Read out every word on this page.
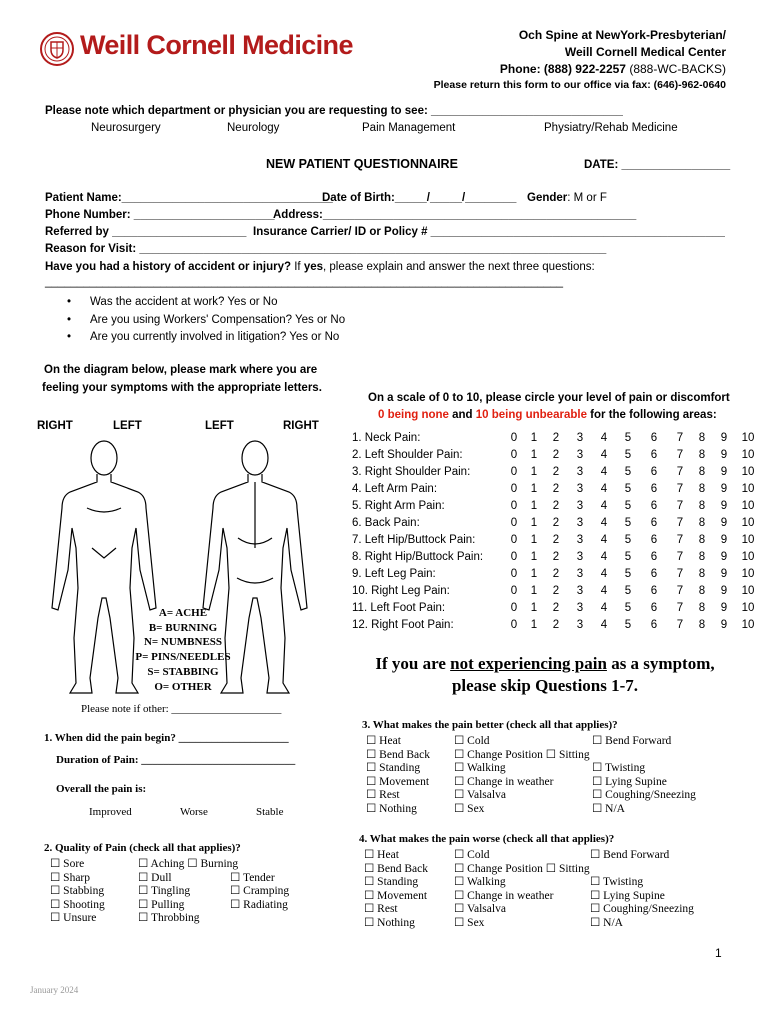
Weill Cornell Medicine	Och Spine at NewYork-Presbyterian/
Weill Cornell Medical Center
Phone: (888) 922-2257 (888-WC-BACKS)
Please return this form to our office via fax: (646)-962-0640
Please note which department or physician you are requesting to see: ______________________________
Neurosurgery	Neurology	Pain Management	Physiatry/Rehab Medicine
NEW PATIENT QUESTIONNAIRE	DATE: _________________
Patient Name:_________________________________
Date of Birth:_____/_____/________ Gender: M or F
Phone Number: ______________________
Address:_________________________________________________
Referred by _____________________ Insurance Carrier/ ID or Policy # ______________________________________________
Reason for Visit: _________________________________________________________________________
Have you had a history of accident or injury? If yes, please explain and answer the next three questions:
_________________________________________________________________________________
• Was the accident at work? Yes or No
• Are you using Workers' Compensation? Yes or No
• Are you currently involved in litigation? Yes or No
On the diagram below, please mark where you are
feeling your symptoms with the appropriate letters.
RIGHT	LEFT	LEFT	RIGHT
A= ACHE
B= BURNING
N= NUMBNESS
P= PINS/NEEDLES
S= STABBING
O= OTHER
Please note if other: ____________________
On a scale of 0 to 10, please circle your level of pain or discomfort
0 being none and 10 being unbearable for the following areas:
1. Neck Pain:	0	1	2	3	4	5	6	7	8	9	10
2. Left Shoulder Pain:	0	1	2	3	4	5	6	7	8	9	10
3. Right Shoulder Pain:	0	1	2	3	4	5	6	7	8	9	10
4. Left Arm Pain:	0	1	2	3	4	5	6	7	8	9	10
5. Right Arm Pain:	0	1	2	3	4	5	6	7	8	9	10
6. Back Pain:	0	1	2	3	4	5	6	7	8	9	10
7. Left Hip/Buttock Pain:	0	1	2	3	4	5	6	7	8	9	10
8. Right Hip/Buttock Pain:	0	1	2	3	4	5	6	7	8	9	10
9. Left Leg Pain:	0	1	2	3	4	5	6	7	8	9	10
10. Right Leg Pain:	0	1	2	3	4	5	6	7	8	9	10
11. Left Foot Pain:	0	1	2	3	4	5	6	7	8	9	10
12. Right Foot Pain:	0	1	2	3	4	5	6	7	8	9	10
If you are not experiencing pain as a symptom,
please skip Questions 1-7.
1. When did the pain begin? ____________________
Duration of Pain: ____________________________
Overall the pain is:
Improved	Worse	Stable
2. Quality of Pain (check all that applies)?
☐ Sore	☐ Aching ☐ Burning
☐ Sharp	☐ Dull	☐ Tender
☐ Stabbing	☐ Tingling	☐ Cramping
☐ Shooting	☐ Pulling	☐ Radiating
☐ Unsure	☐ Throbbing
3. What makes the pain better (check all that applies)?
☐ Heat	☐ Cold	☐ Bend Forward
☐ Bend Back ☐ Change Position ☐ Sitting
☐ Standing	☐ Walking	☐ Twisting
☐ Movement ☐ Change in weather	☐ Lying Supine
☐ Rest	☐ Valsalva	☐ Coughing/Sneezing
☐ Nothing	☐ Sex	☐ N/A
4. What makes the pain worse (check all that applies)?
☐ Heat	☐ Cold	☐ Bend Forward
☐ Bend Back ☐ Change Position ☐ Sitting
☐ Standing	☐ Walking	☐ Twisting
☐ Movement ☐ Change in weather	☐ Lying Supine
☐ Rest	☐ Valsalva	☐ Coughing/Sneezing
☐ Nothing	☐ Sex	☐ N/A
1
January 2024
